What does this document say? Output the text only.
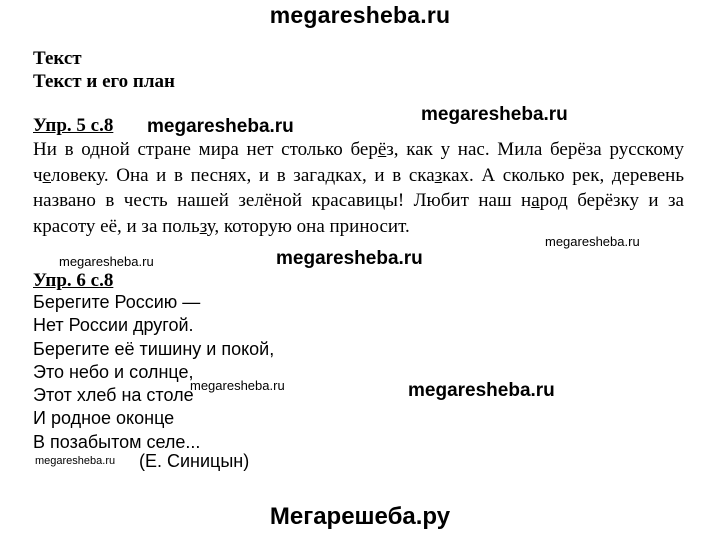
megaresheba.ru
Текст
Текст и его план
Упр. 5 с.8
Ни в одной стране мира нет столько берёз, как у нас. Мила берёза русскому
человеку. Она и в песнях, и в загадках, и в сказках. А сколько рек, деревень
названо в честь нашей зелёной красавицы! Любит наш народ берёзку и за
красоту её, и за пользу, которую она приносит.
Упр. 6 с.8
Берегите Россию —
Нет России другой.
Берегите её тишину и покой,
Это небо и солнце,
Этот хлеб на столе
И родное оконце
В позабытом селе...
(Е. Синицын)
megaresheba.ru
megaresheba.ru
megaresheba.ru
megaresheba.ru	megaresheba.ru
megaresheba.ru	megaresheba.ru
megaresheba.ru
Мегарешеба.ру
